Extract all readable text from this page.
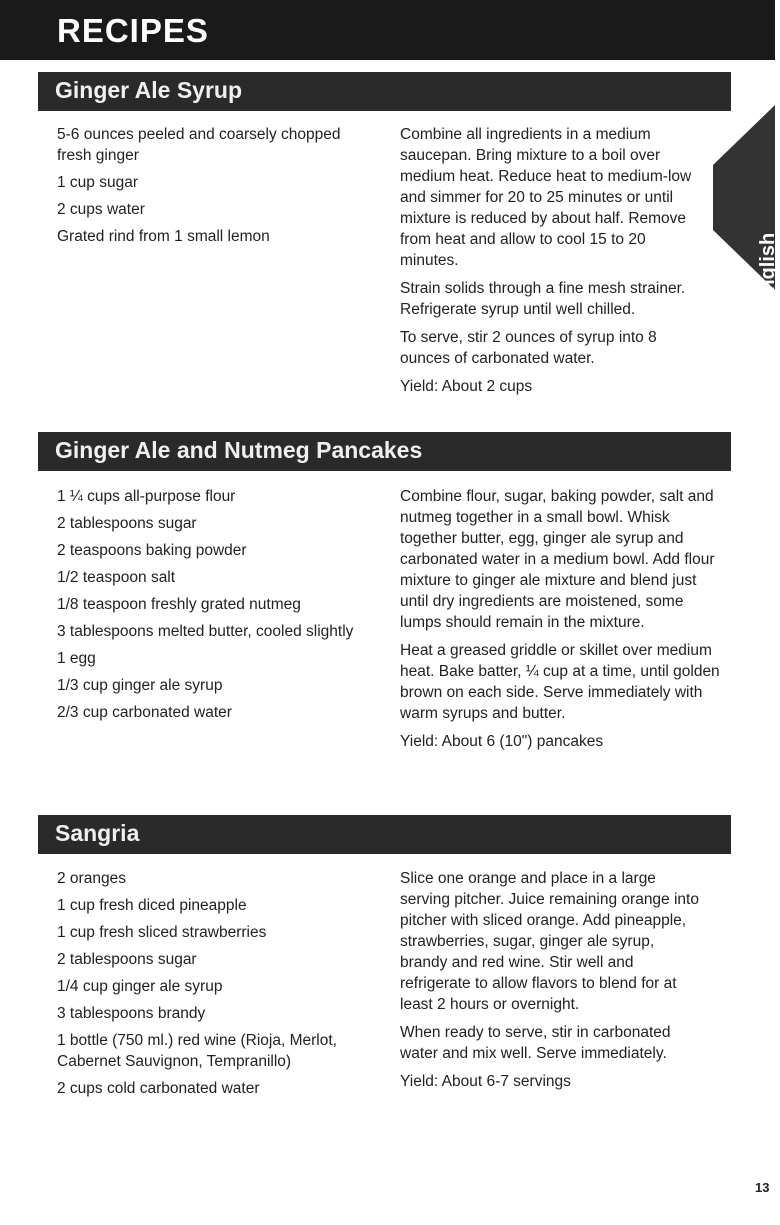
RECIPES
English
Ginger Ale Syrup

5-6 ounces peeled and coarsely chopped fresh ginger

1 cup sugar

2 cups water

Grated rind from 1 small lemon

Combine all ingredients in a medium saucepan. Bring mixture to a boil over medium heat. Reduce heat to medium-low and simmer for 20 to 25 minutes or until mixture is reduced by about half. Remove from heat and allow to cool 15 to 20 minutes.

Strain solids through a fine mesh strainer. Refrigerate syrup until well chilled.

To serve, stir 2 ounces of syrup into 8 ounces of carbonated water.

Yield: About 2 cups

Ginger Ale and Nutmeg Pancakes

1 ¼ cups all-purpose flour

2 tablespoons sugar

2 teaspoons baking powder

1/2 teaspoon salt

1/8 teaspoon freshly grated nutmeg

3 tablespoons melted butter, cooled slightly

1 egg

1/3 cup ginger ale syrup

2/3 cup carbonated water

Combine flour, sugar, baking powder, salt and nutmeg together in a small bowl. Whisk together butter, egg, ginger ale syrup and carbonated water in a medium bowl. Add flour mixture to ginger ale mixture and blend just until dry ingredients are moistened, some lumps should remain in the mixture.

Heat a greased griddle or skillet over medium heat. Bake batter, ¼ cup at a time, until golden brown on each side. Serve immediately with warm syrups and butter.

Yield: About 6 (10") pancakes

Sangria

2 oranges

1 cup fresh diced pineapple

1 cup fresh sliced strawberries

2 tablespoons sugar

1/4 cup ginger ale syrup

3 tablespoons brandy

1 bottle (750 ml.) red wine (Rioja, Merlot, Cabernet Sauvignon, Tempranillo)

2 cups cold carbonated water

Slice one orange and place in a large serving pitcher. Juice remaining orange into pitcher with sliced orange. Add pineapple, strawberries, sugar, ginger ale syrup, brandy and red wine. Stir well and refrigerate to allow flavors to blend for at least 2 hours or overnight.

When ready to serve, stir in carbonated water and mix well. Serve immediately.

Yield: About 6-7 servings

13
